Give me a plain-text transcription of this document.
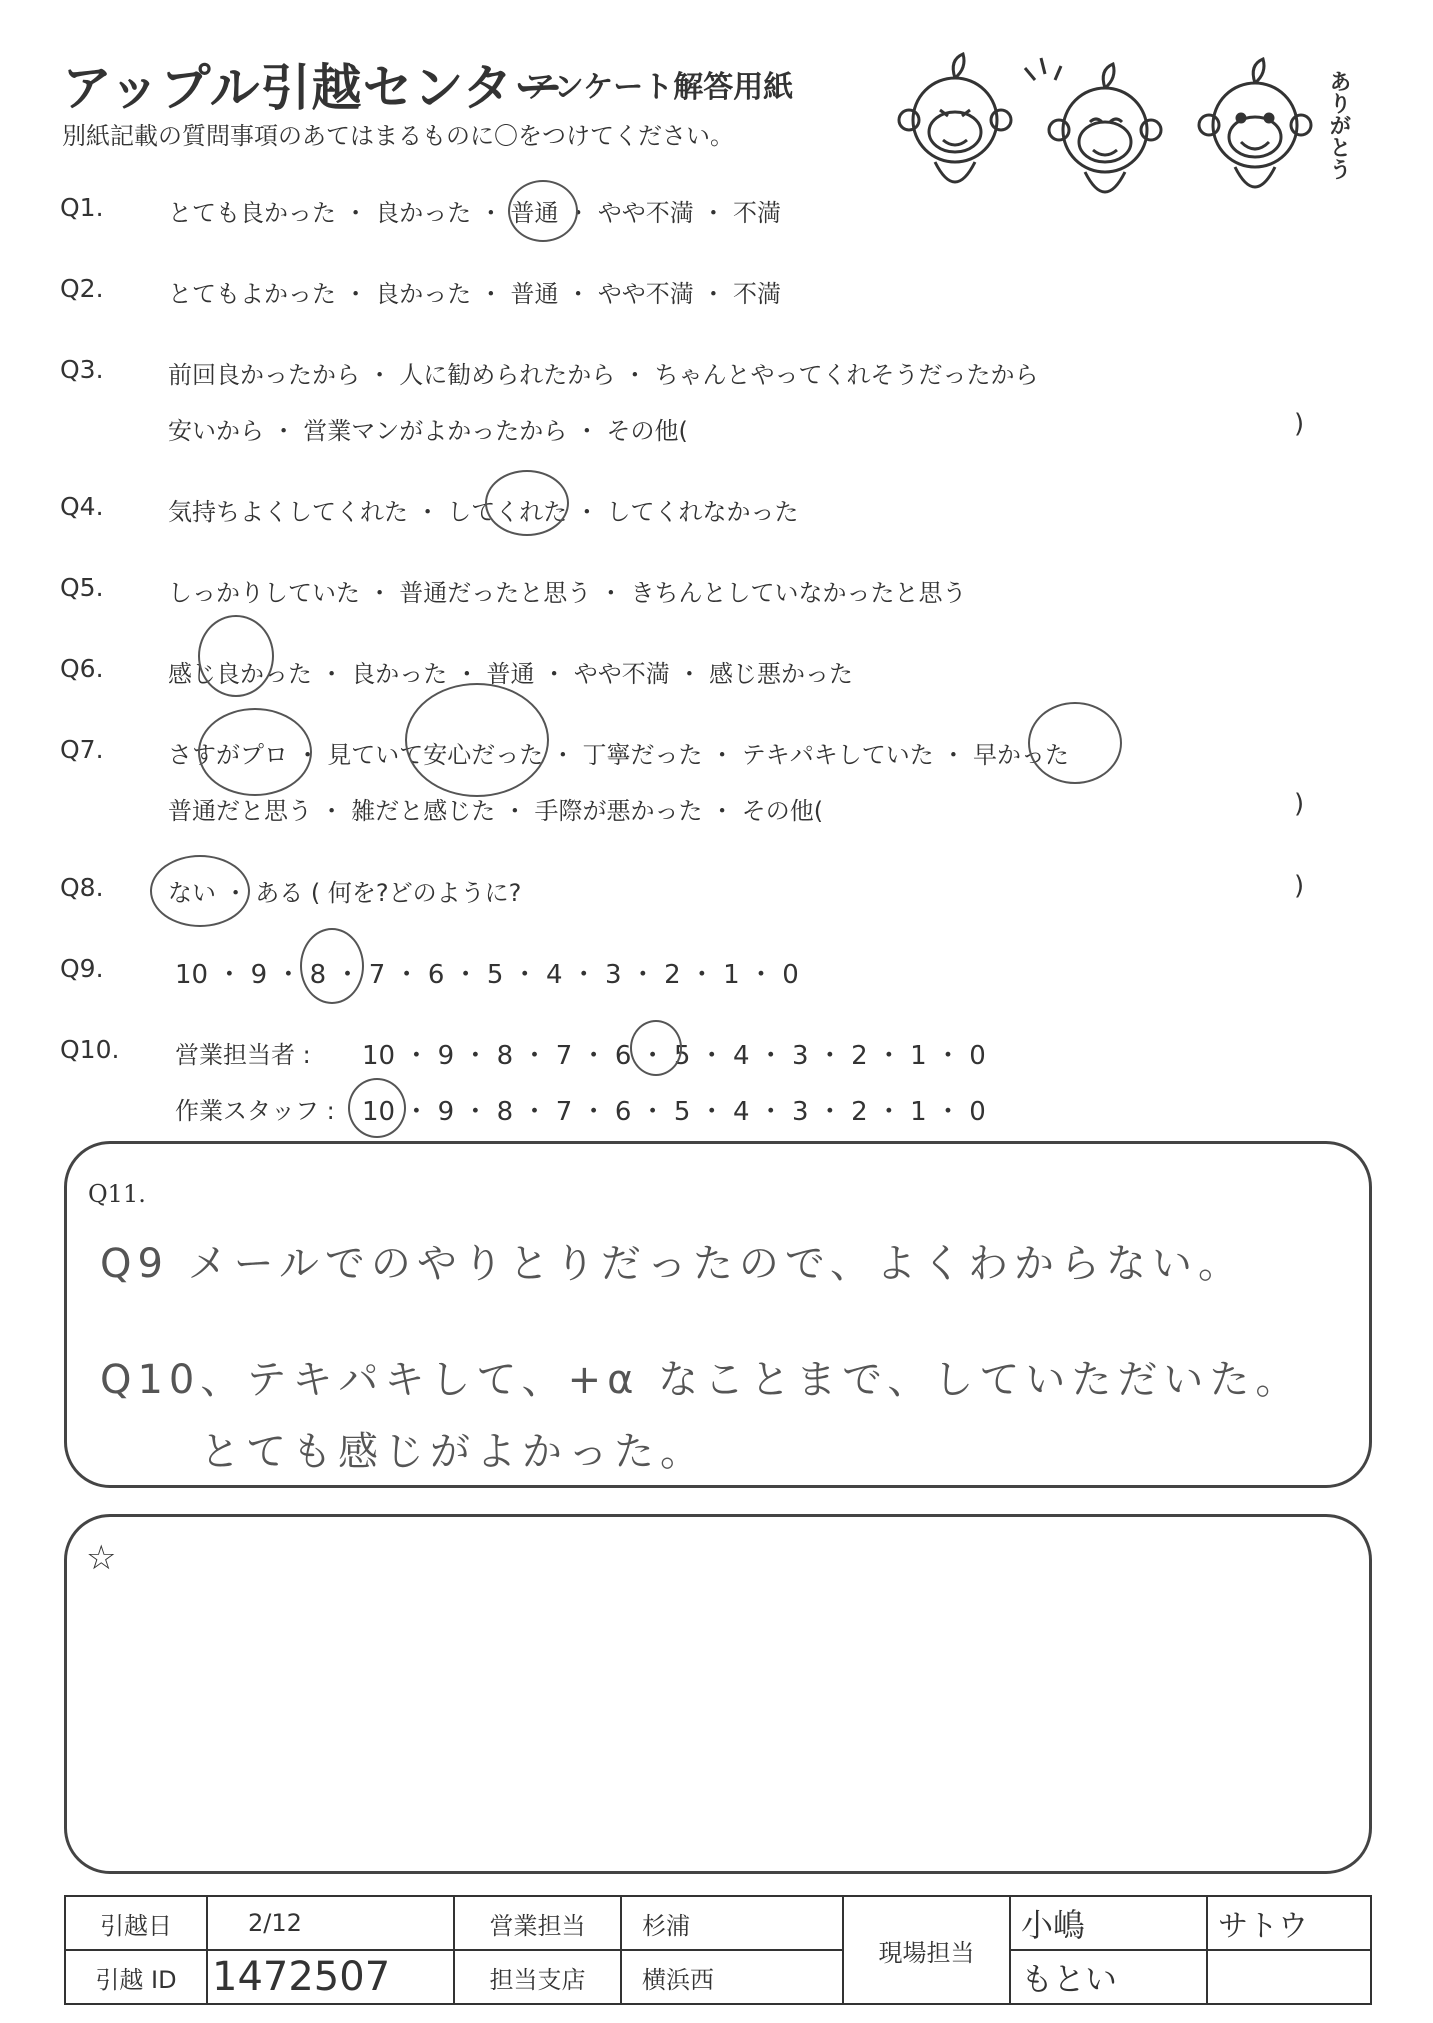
アップル引越センター
アンケート解答用紙
別紙記載の質問事項のあてはまるものに〇をつけてください。	ありがとう
Q1.	とても良かった ・ 良かった ・ 普通 ・ やや不満 ・ 不満
Q2.	とてもよかった ・ 良かった ・ 普通 ・ やや不満 ・ 不満
Q3.	前回良かったから ・ 人に勧められたから ・ ちゃんとやってくれそうだったから
安いから ・ 営業マンがよかったから ・ その他(	)
Q4.	気持ちよくしてくれた ・ してくれた ・ してくれなかった
Q5.	しっかりしていた ・ 普通だったと思う ・ きちんとしていなかったと思う
Q6.	感じ良かった ・ 良かった ・ 普通 ・ やや不満 ・ 感じ悪かった
Q7.	さすがプロ ・ 見ていて安心だった ・ 丁寧だった ・ テキパキしていた ・ 早かった
普通だと思う ・ 雑だと感じた ・ 手際が悪かった ・ その他(	)
Q8.	ない ・ ある ( 何を?どのように?	)
Q9.	10 ・ 9 ・ 8 ・ 7 ・ 6 ・ 5 ・ 4 ・ 3 ・ 2 ・ 1 ・ 0
Q10. 営業担当者 : 10 ・ 9 ・ 8 ・ 7 ・ 6 ・ 5 ・ 4 ・ 3 ・ 2 ・ 1 ・ 0
作業スタッフ : 10 ・ 9 ・ 8 ・ 7 ・ 6 ・ 5 ・ 4 ・ 3 ・ 2 ・ 1 ・ 0
Q11.
Q9 メールでのやりとりだったので、よくわからない。
Q10、テキパキして、+α なことまで、していただいた。
とても感じがよかった。
☆
引越日	2/12	営業担当	杉浦	現場担当	小嶋	サトウ
引越 ID	1472507	担当支店	横浜西		もとい	
